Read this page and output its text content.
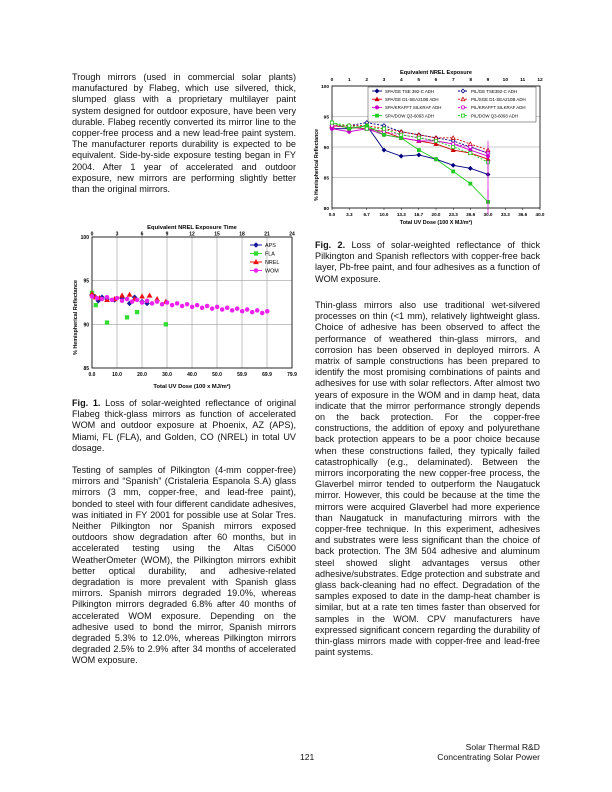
Trough mirrors (used in commercial solar plants) manufactured by Flabeg, which use silvered, thick, slumped glass with a proprietary multilayer paint system designed for outdoor exposure, have been very durable. Flabeg recently converted its mirror line to the copper-free process and a new lead-free paint system. The manufacturer reports durability is expected to be equivalent. Side-by-side exposure testing began in FY 2004. After 1 year of accelerated and outdoor exposure, new mirrors are performing slightly better than the original mirrors.

Equivalent NREL Exposure Time
0	3	6	9	12	15	18	21	24
85
90
95
100
0.0	10.0	20.0	30.0	40.0	50.0	59.9	69.9	79.9
Total UV Dose (100 x MJ/m²)
% Hemispherical Reflectance
APS
FLA
NREL
WOM
Fig. 1. Loss of solar-weighted reflectance of original Flabeg thick-glass mirrors as function of accelerated WOM and outdoor exposure at Phoenix, AZ (APS), Miami, FL (FLA), and Golden, CO (NREL) in total UV dosage.

Testing of samples of Pilkington (4-mm copper-free) mirrors and “Spanish” (Cristaleria Espanola S.A) glass mirrors (3 mm, copper-free, and lead-free paint), bonded to steel with four different candidate adhesives, was initiated in FY 2001 for possible use at Solar Tres. Neither Pilkington nor Spanish mirrors exposed outdoors show degradation after 60 months, but in accelerated testing using the Altas Ci5000 WeatherOmeter (WOM), the Pilkington mirrors exhibit better optical durability, and adhesive-related degradation is more prevalent with Spanish glass mirrors. Spanish mirrors degraded 19.0%, whereas Pilkington mirrors degraded 6.8% after 40 months of accelerated WOM exposure. Depending on the adhesive used to bond the mirror, Spanish mirrors degraded 5.3% to 12.0%, whereas Pilkington mirrors degraded 2.5% to 2.9% after 34 months of accelerated WOM exposure.

Equivalent NREL Exposure
0	1	2	3	4	5	6	7	8	9	10	11	12
80
85
90
95
100
0.0 3.3 6.7 10.0 13.3 16.7 20.0 23.3 26.6 30.0 33.3 36.6 40.0
Total UV Dose (100 X MJ/m²)
% Hemispherical Reflectance
SPA/GE TSE 392-C ADH	PIL/GE TSE392-C ADH
SPA/GE D1-SEA210B ADH	PIL/SGE D1-SEA210B ADH
SPA/KRAFFT SILKRAF ADH	PIL/KRAFFT SILKRAF ADH
SPA/DOW Q3-6093 ADH	PIL/DOW Q3-6093 ADH
Fig. 2. Loss of solar-weighted reflectance of thick Pilkington and Spanish reflectors with copper-free back layer, Pb-free paint, and four adhesives as a function of WOM exposure.

Thin-glass mirrors also use traditional wet-silvered processes on thin (<1 mm), relatively lightweight glass. Choice of adhesive has been observed to affect the performance of weathered thin-glass mirrors, and corrosion has been observed in deployed mirrors. A matrix of sample constructions has been prepared to identify the most promising combinations of paints and adhesives for use with solar reflectors. After almost two years of exposure in the WOM and in damp heat, data indicate that the mirror performance strongly depends on the back protection. For the copper-free constructions, the addition of epoxy and polyurethane back protection appears to be a poor choice because when these constructions failed, they typically failed catastrophically (e.g., delaminated). Between the mirrors incorporating the new copper-free process, the Glaverbel mirror tended to outperform the Naugatuck mirror. However, this could be because at the time the mirrors were acquired Glaverbel had more experience than Naugatuck in manufacturing mirrors with the copper-free technique. In this experiment, adhesives and substrates were less significant than the choice of back protection. The 3M 504 adhesive and aluminum steel showed slight advantages versus other adhesive/substrates. Edge protection and substrate and glass back-cleaning had no effect. Degradation of the samples exposed to date in the damp-heat chamber is similar, but at a rate ten times faster than observed for samples in the WOM. CPV manufacturers have expressed significant concern regarding the durability of thin-glass mirrors made with copper-free and lead-free paint systems.

121
Solar Thermal R&D
Concentrating Solar Power
